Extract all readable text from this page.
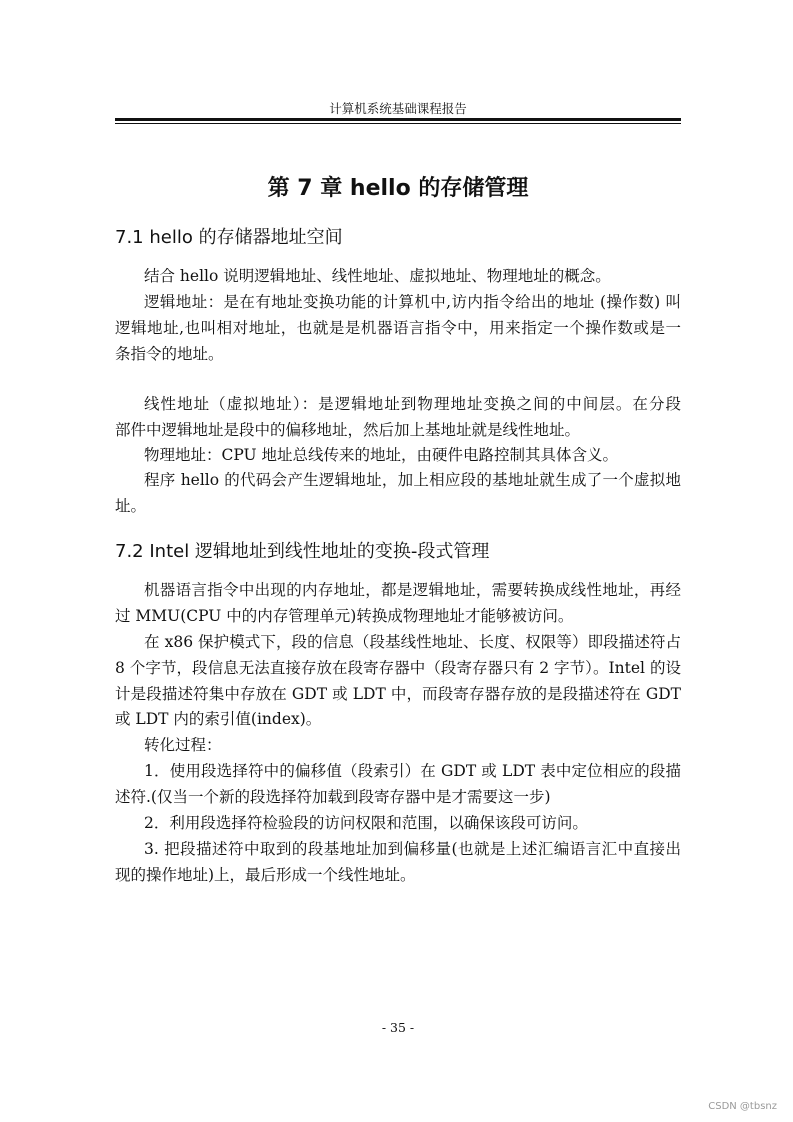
计算机系统基础课程报告
第 7 章 hello 的存储管理
7.1 hello 的存储器地址空间
结合 hello 说明逻辑地址、线性地址、虚拟地址、物理地址的概念。
逻辑地址：是在有地址变换功能的计算机中,访内指令给出的地址 (操作数) 叫
逻辑地址,也叫相对地址，也就是是机器语言指令中，用来指定一个操作数或是一
条指令的地址。
线性地址（虚拟地址）：是逻辑地址到物理地址变换之间的中间层。在分段
部件中逻辑地址是段中的偏移地址，然后加上基地址就是线性地址。
物理地址：CPU 地址总线传来的地址，由硬件电路控制其具体含义。
程序 hello 的代码会产生逻辑地址，加上相应段的基地址就生成了一个虚拟地
址。
7.2 Intel 逻辑地址到线性地址的变换-段式管理
机器语言指令中出现的内存地址，都是逻辑地址，需要转换成线性地址，再经
过 MMU(CPU 中的内存管理单元)转换成物理地址才能够被访问。
在 x86 保护模式下，段的信息（段基线性地址、长度、权限等）即段描述符占
8 个字节，段信息无法直接存放在段寄存器中（段寄存器只有 2 字节）。Intel 的设
计是段描述符集中存放在 GDT 或 LDT 中，而段寄存器存放的是段描述符在 GDT
或 LDT 内的索引值(index)。
转化过程：
1．使用段选择符中的偏移值（段索引）在 GDT 或 LDT 表中定位相应的段描
述符.(仅当一个新的段选择符加载到段寄存器中是才需要这一步)
2．利用段选择符检验段的访问权限和范围，以确保该段可访问。
3. 把段描述符中取到的段基地址加到偏移量(也就是上述汇编语言汇中直接出
现的操作地址)上，最后形成一个线性地址。
- 35 -
CSDN @tbsnz
